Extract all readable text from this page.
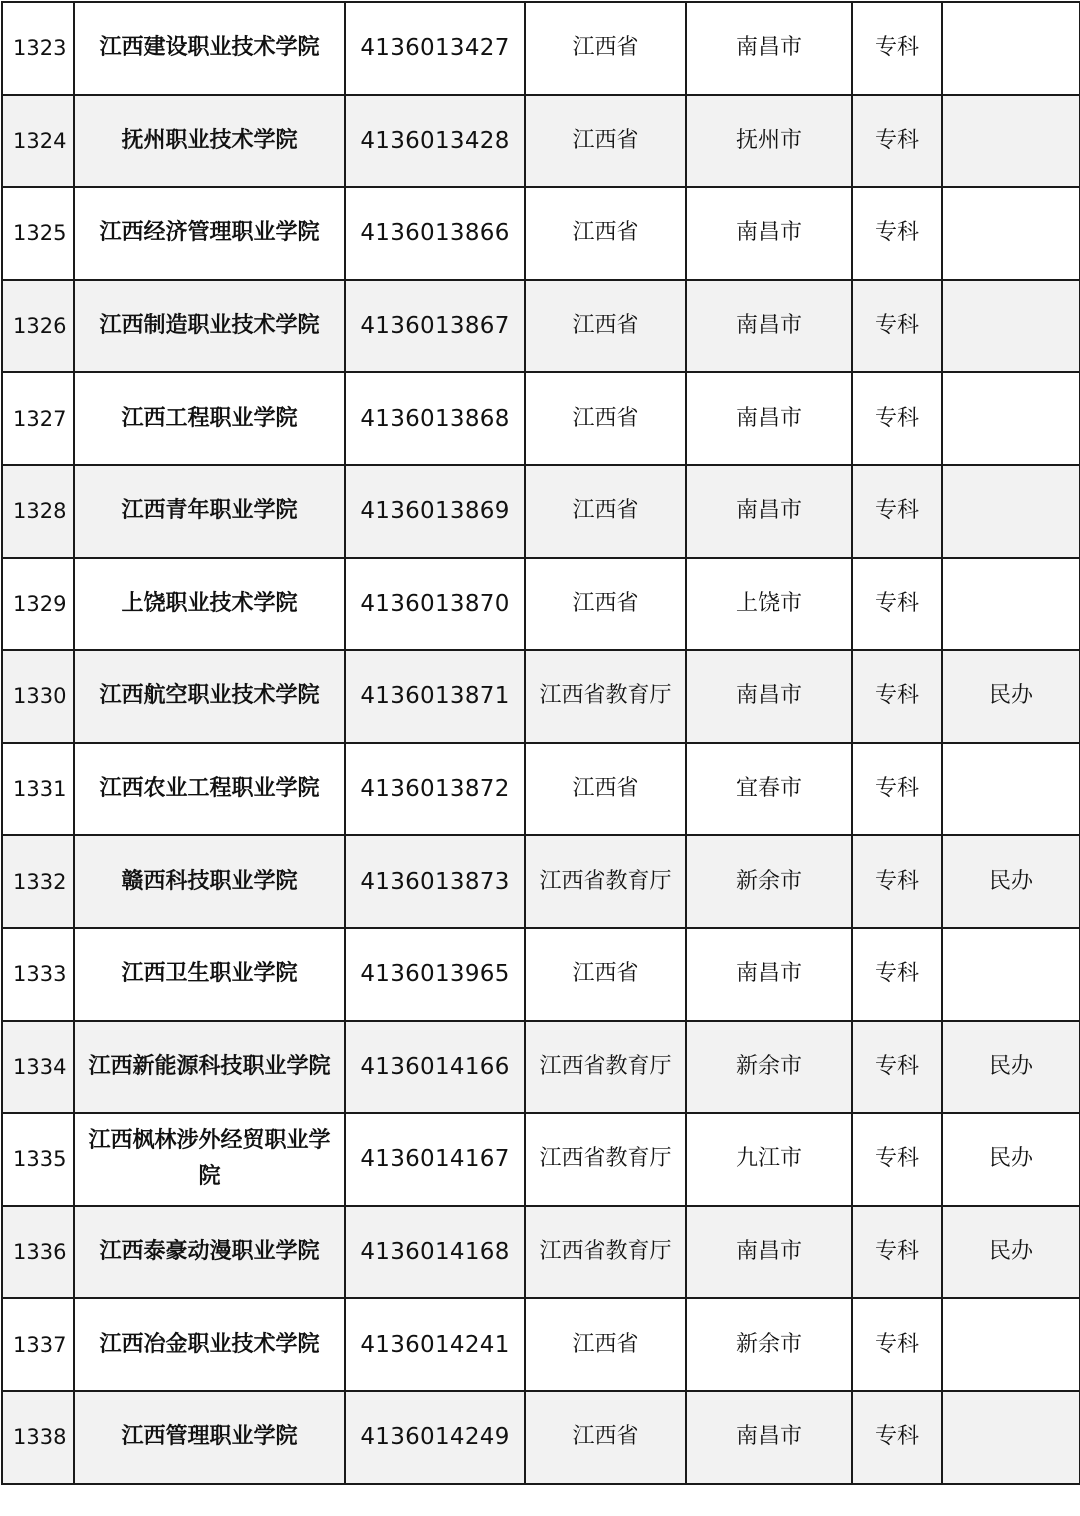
1323	江西建设职业技术学院	4136013427	江西省	南昌市	专科	
1324	抚州职业技术学院	4136013428	江西省	抚州市	专科	
1325	江西经济管理职业学院	4136013866	江西省	南昌市	专科	
1326	江西制造职业技术学院	4136013867	江西省	南昌市	专科	
1327	江西工程职业学院	4136013868	江西省	南昌市	专科	
1328	江西青年职业学院	4136013869	江西省	南昌市	专科	
1329	上饶职业技术学院	4136013870	江西省	上饶市	专科	
1330	江西航空职业技术学院	4136013871	江西省教育厅	南昌市	专科	民办
1331	江西农业工程职业学院	4136013872	江西省	宜春市	专科	
1332	赣西科技职业学院	4136013873	江西省教育厅	新余市	专科	民办
1333	江西卫生职业学院	4136013965	江西省	南昌市	专科	
1334	江西新能源科技职业学院	4136014166	江西省教育厅	新余市	专科	民办
1335	江西枫林涉外经贸职业学院	4136014167	江西省教育厅	九江市	专科	民办
1336	江西泰豪动漫职业学院	4136014168	江西省教育厅	南昌市	专科	民办
1337	江西冶金职业技术学院	4136014241	江西省	新余市	专科	
1338	江西管理职业学院	4136014249	江西省	南昌市	专科	
